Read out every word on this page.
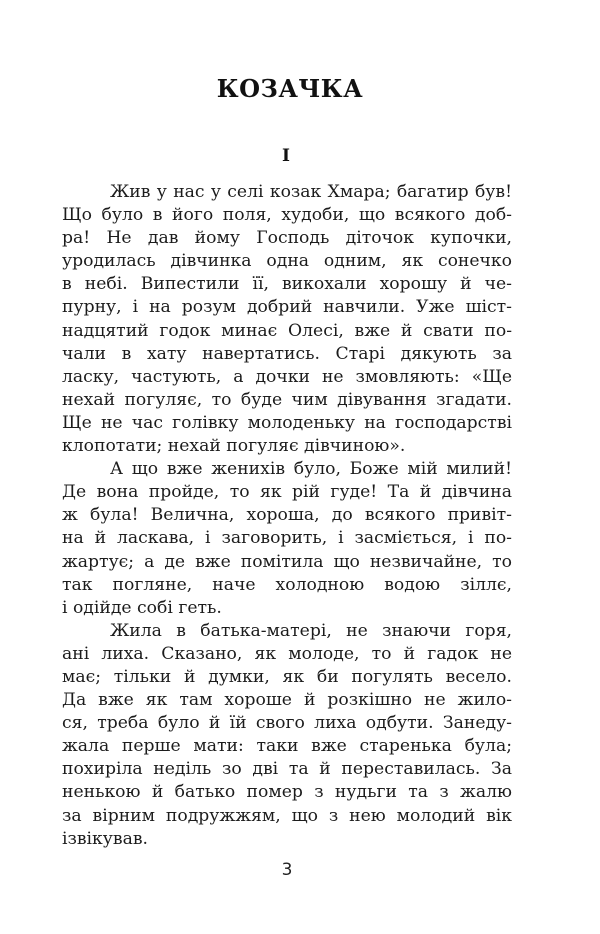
КОЗАЧКА
I
Жив у нас у селі козак Хмара; багатир був!
Що було в його поля, худоби, що всякого доб-
ра! Не дав йому Господь діточок купочки,
уродилась дівчинка одна одним, як сонечко
в небі. Випестили її, викохали хорошу й че-
пурну, і на розум добрий навчили. Уже шіст-
надцятий годок минає Олесі, вже й свати по-
чали в хату навертатись. Старі дякують за
ласку, частують, а дочки не змовляють: «Ще
нехай погуляє, то буде чим дівування згадати.
Ще не час голівку молоденьку на господарстві
клопотати; нехай погуляє дівчиною».
А що вже женихів було, Боже мій милий!
Де вона пройде, то як рій гуде! Та й дівчина
ж була! Велична, хороша, до всякого привіт-
на й ласкава, і заговорить, і засміється, і по-
жартує; а де вже помітила що незвичайне, то
так погляне, наче холодною водою зіллє,
і одійде собі геть.
Жила в батька-матері, не знаючи горя,
ані лиха. Сказано, як молоде, то й гадок не
має; тільки й думки, як би погулять весело.
Да вже як там хороше й розкішно не жило-
ся, треба було й їй свого лиха одбути. Занеду-
жала перше мати: таки вже старенька була;
похиріла неділь зо дві та й переставилась. За
ненькою й батько помер з нудьги та з жалю
за вірним подружжям, що з нею молодий вік
ізвікував.
3
